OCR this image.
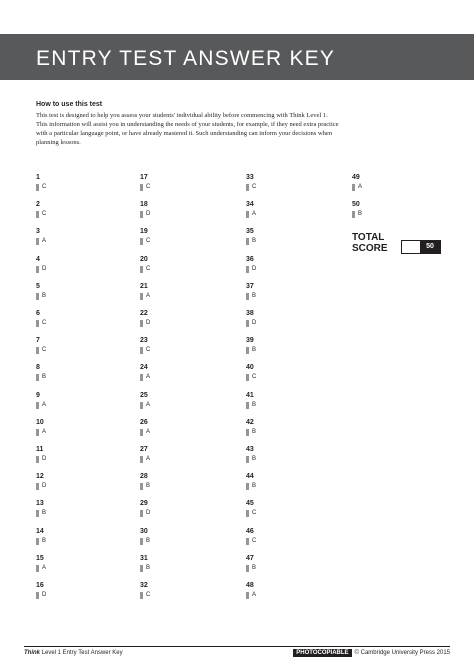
ENTRY TEST ANSWER KEY
How to use this test
This test is designed to help you assess your students' individual ability before commencing with Think Level 1.
This information will assist you in understanding the needs of your students, for example, if they need extra practice
with a particular language point, or have already mastered it. Such understanding can inform your decisions when
planning lessons.
1
C
2
C
3
A
4
D
5
B
6
C
7
C
8
B
9
A
10
A
11
D
12
D
13
B
14
B
15
A
16
D
17
C
18
D
19
C
20
C
21
A
22
D
23
C
24
A
25
A
26
A
27
A
28
B
29
D
30
B
31
B
32
C
33
C
34
A
35
B
36
D
37
B
38
D
39
B
40
C
41
B
42
B
43
B
44
B
45
C
46
C
47
B
48
A
49
A
50
B
TOTAL
SCORE	50
Think Level 1 Entry Test Answer Key	PHOTOCOPIABLE © Cambridge University Press 2015
